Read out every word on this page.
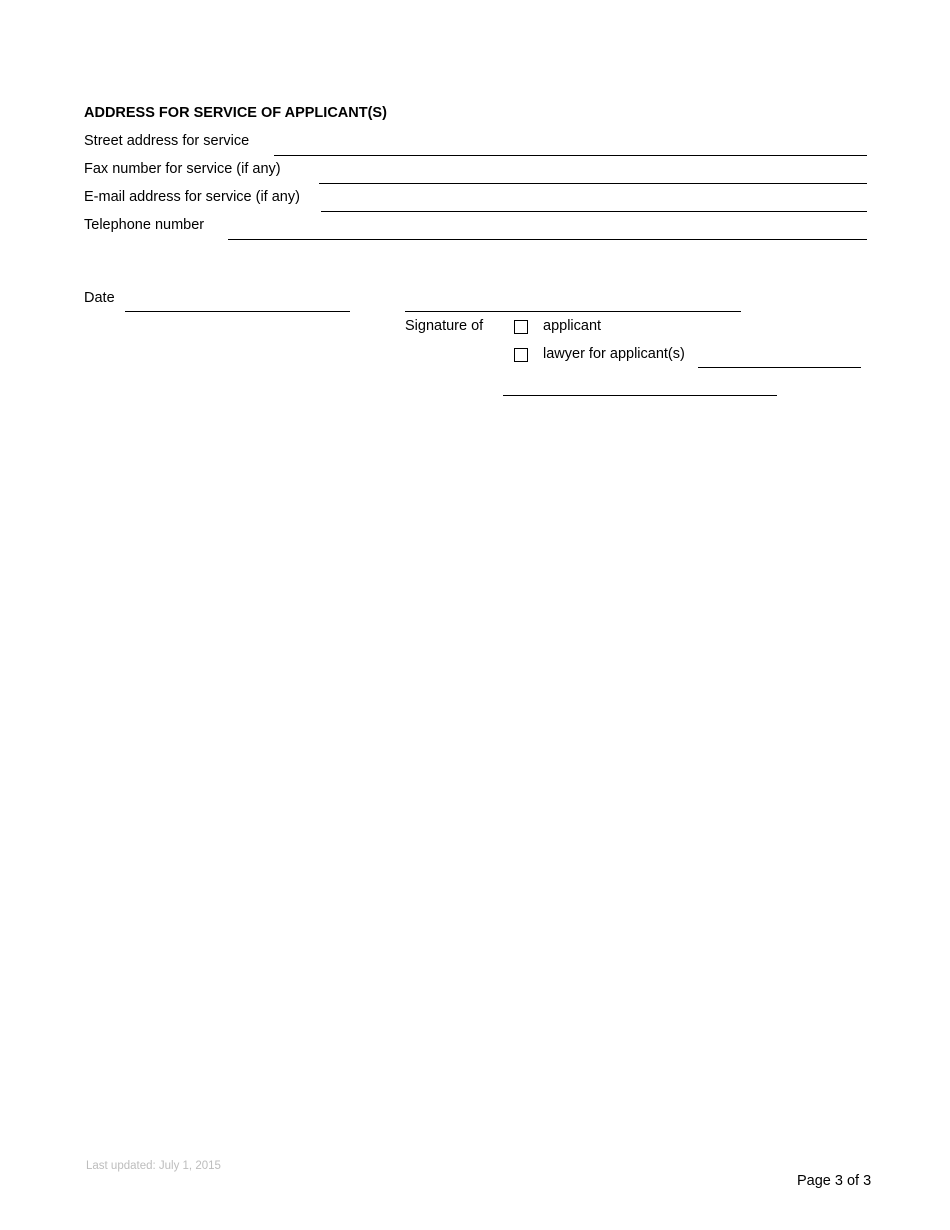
ADDRESS FOR SERVICE OF APPLICANT(S)
Street address for service
Fax number for service (if any)
E-mail address for service (if any)
Telephone number
Date
Signature of	applicant
lawyer for applicant(s)
Last updated: July 1, 2015
Page 3 of 3
